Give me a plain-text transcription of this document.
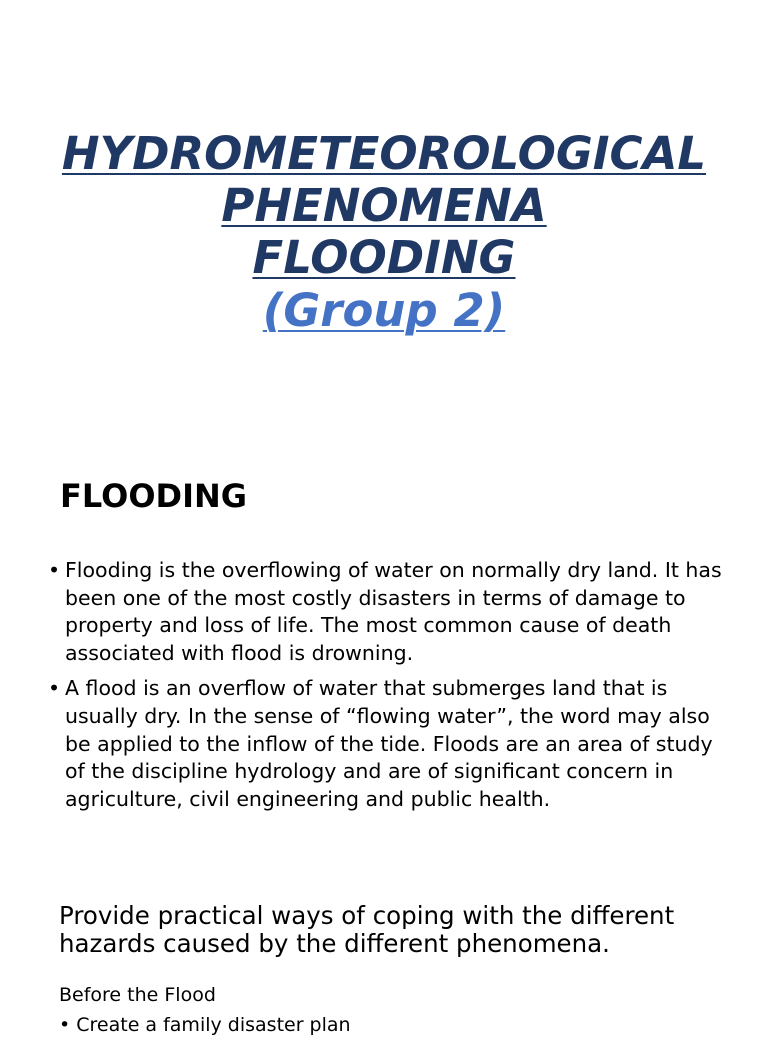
HYDROMETEOROLOGICAL
PHENOMENA
FLOODING
(Group 2)
FLOODING
• Flooding is the overflowing of water on normally dry land. It has been one of the most costly disasters in terms of damage to property and loss of life. The most common cause of death associated with flood is drowning.
• A flood is an overflow of water that submerges land that is usually dry. In the sense of “flowing water”, the word may also be applied to the inflow of the tide. Floods are an area of study of the discipline hydrology and are of significant concern in agriculture, civil engineering and public health.

Provide practical ways of coping with the different hazards caused by the different phenomena.

Before the Flood

• Create a family disaster plan
